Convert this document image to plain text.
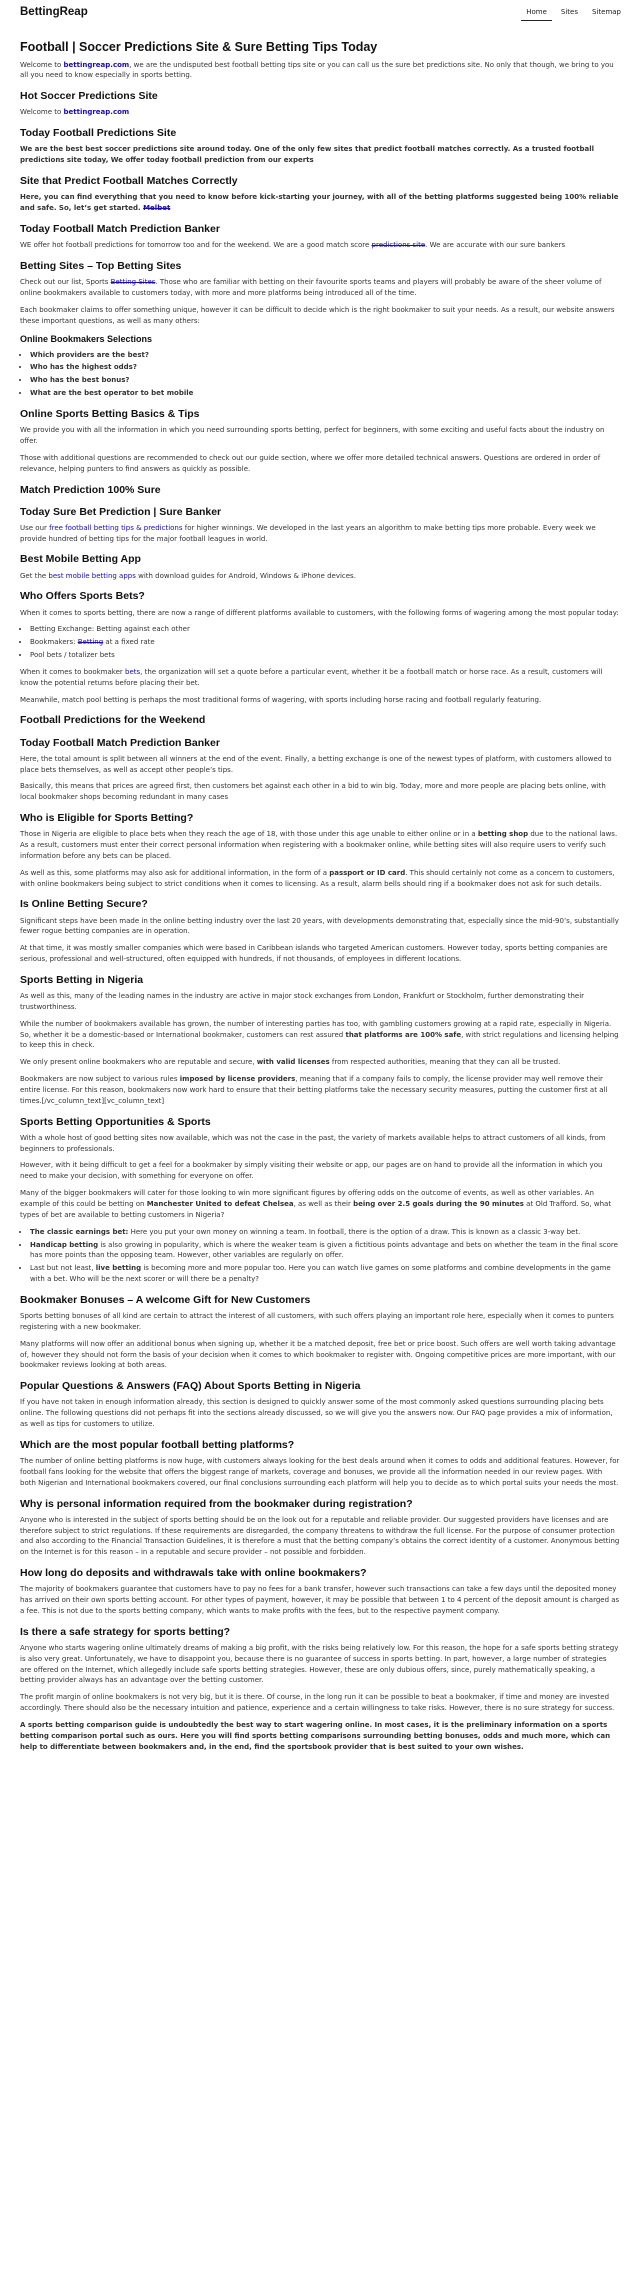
BettingReap	Home	Sites	Sitemap
Football | Soccer Predictions Site & Sure Betting Tips Today

Welcome to bettingreap.com, we are the undisputed best football betting tips site or you can call us the sure bet predictions site. No only that though, we bring to you all you need to know especially in sports betting.

Hot Soccer Predictions Site

Welcome to bettingreap.com

Today Football Predictions Site

We are the best best soccer predictions site around today. One of the only few sites that predict football matches correctly. As a trusted football predictions site today, We offer today football prediction from our experts

Site that Predict Football Matches Correctly

Here, you can find everything that you need to know before kick-starting your journey, with all of the betting platforms suggested being 100% reliable and safe. So, let’s get started. Melbet

Today Football Match Prediction Banker

WE offer hot football predictions for tomorrow too and for the weekend. We are a good match score predictions site. We are accurate with our sure bankers

Betting Sites – Top Betting Sites

Check out our list, Sports Betting Sites. Those who are familiar with betting on their favourite sports teams and players will probably be aware of the sheer volume of online bookmakers available to customers today, with more and more platforms being introduced all of the time.

Each bookmaker claims to offer something unique, however it can be difficult to decide which is the right bookmaker to suit your needs. As a result, our website answers these important questions, as well as many others:

Online Bookmakers Selections
• Which providers are the best?
• Who has the highest odds?
• Who has the best bonus?
• What are the best operator to bet mobile
Online Sports Betting Basics & Tips

We provide you with all the information in which you need surrounding sports betting, perfect for beginners, with some exciting and useful facts about the industry on offer.

Those with additional questions are recommended to check out our guide section, where we offer more detailed technical answers. Questions are ordered in order of relevance, helping punters to find answers as quickly as possible.

Match Prediction 100% Sure
Today Sure Bet Prediction | Sure Banker

Use our free football betting tips & predictions for higher winnings. We developed in the last years an algorithm to make betting tips more probable. Every week we provide hundred of betting tips for the major football leagues in world.

Best Mobile Betting App

Get the best mobile betting apps with download guides for Android, Windows & iPhone devices.

Who Offers Sports Bets?

When it comes to sports betting, there are now a range of different platforms available to customers, with the following forms of wagering among the most popular today:

• Betting Exchange: Betting against each other
• Bookmakers: Betting at a fixed rate
• Pool bets / totalizer bets

When it comes to bookmaker bets, the organization will set a quote before a particular event, whether it be a football match or horse race. As a result, customers will know the potential returns before placing their bet.

Meanwhile, match pool betting is perhaps the most traditional forms of wagering, with sports including horse racing and football regularly featuring.

Football Predictions for the Weekend
Today Football Match Prediction Banker

Here, the total amount is split between all winners at the end of the event. Finally, a betting exchange is one of the newest types of platform, with customers allowed to place bets themselves, as well as accept other people’s tips.

Basically, this means that prices are agreed first, then customers bet against each other in a bid to win big. Today, more and more people are placing bets online, with local bookmaker shops becoming redundant in many cases

Who is Eligible for Sports Betting?

Those in Nigeria are eligible to place bets when they reach the age of 18, with those under this age unable to either online or in a betting shop due to the national laws. As a result, customers must enter their correct personal information when registering with a bookmaker online, while betting sites will also require users to verify such information before any bets can be placed.

As well as this, some platforms may also ask for additional information, in the form of a passport or ID card. This should certainly not come as a concern to customers, with online bookmakers being subject to strict conditions when it comes to licensing. As a result, alarm bells should ring if a bookmaker does not ask for such details.

Is Online Betting Secure?

Significant steps have been made in the online betting industry over the last 20 years, with developments demonstrating that, especially since the mid-90’s, substantially fewer rogue betting companies are in operation.

At that time, it was mostly smaller companies which were based in Caribbean islands who targeted American customers. However today, sports betting companies are serious, professional and well-structured, often equipped with hundreds, if not thousands, of employees in different locations.

Sports Betting in Nigeria

As well as this, many of the leading names in the industry are active in major stock exchanges from London, Frankfurt or Stockholm, further demonstrating their trustworthiness.

While the number of bookmakers available has grown, the number of interesting parties has too, with gambling customers growing at a rapid rate, especially in Nigeria. So, whether it be a domestic-based or International bookmaker, customers can rest assured that platforms are 100% safe, with strict regulations and licensing helping to keep this in check.

We only present online bookmakers who are reputable and secure, with valid licenses from respected authorities, meaning that they can all be trusted.

Bookmakers are now subject to various rules imposed by license providers, meaning that if a company fails to comply, the license provider may well remove their entire license. For this reason, bookmakers now work hard to ensure that their betting platforms take the necessary security measures, putting the customer first at all times.[/vc_column_text][vc_column_text]

Sports Betting Opportunities & Sports

With a whole host of good betting sites now available, which was not the case in the past, the variety of markets available helps to attract customers of all kinds, from beginners to professionals.

However, with it being difficult to get a feel for a bookmaker by simply visiting their website or app, our pages are on hand to provide all the information in which you need to make your decision, with something for everyone on offer.

Many of the bigger bookmakers will cater for those looking to win more significant figures by offering odds on the outcome of events, as well as other variables. An example of this could be betting on Manchester United to defeat Chelsea, as well as their being over 2.5 goals during the 90 minutes at Old Trafford. So, what types of bet are available to betting customers in Nigeria?

• The classic earnings bet: Here you put your own money on winning a team. In football, there is the option of a draw. This is known as a classic 3-way bet.
• Handicap betting is also growing in popularity, which is where the weaker team is given a fictitious points advantage and bets on whether the team in the final score has more points than the opposing team. However, other variables are regularly on offer.
• Last but not least, live betting is becoming more and more popular too. Here you can watch live games on some platforms and combine developments in the game with a bet. Who will be the next scorer or will there be a penalty?
Bookmaker Bonuses – A welcome Gift for New Customers

Sports betting bonuses of all kind are certain to attract the interest of all customers, with such offers playing an important role here, especially when it comes to punters registering with a new bookmaker.

Many platforms will now offer an additional bonus when signing up, whether it be a matched deposit, free bet or price boost. Such offers are well worth taking advantage of, however they should not form the basis of your decision when it comes to which bookmaker to register with. Ongoing competitive prices are more important, with our bookmaker reviews looking at both areas.

Popular Questions & Answers (FAQ) About Sports Betting in Nigeria

If you have not taken in enough information already, this section is designed to quickly answer some of the most commonly asked questions surrounding placing bets online. The following questions did not perhaps fit into the sections already discussed, so we will give you the answers now. Our FAQ page provides a mix of information, as well as tips for customers to utilize.

Which are the most popular football betting platforms?

The number of online betting platforms is now huge, with customers always looking for the best deals around when it comes to odds and additional features. However, for football fans looking for the website that offers the biggest range of markets, coverage and bonuses, we provide all the information needed in our review pages. With both Nigerian and International bookmakers covered, our final conclusions surrounding each platform will help you to decide as to which portal suits your needs the most.

Why is personal information required from the bookmaker during registration?

Anyone who is interested in the subject of sports betting should be on the look out for a reputable and reliable provider. Our suggested providers have licenses and are therefore subject to strict regulations. If these requirements are disregarded, the company threatens to withdraw the full license. For the purpose of consumer protection and also according to the Financial Transaction Guidelines, it is therefore a must that the betting company’s obtains the correct identity of a customer. Anonymous betting on the Internet is for this reason – in a reputable and secure provider – not possible and forbidden.

How long do deposits and withdrawals take with online bookmakers?

The majority of bookmakers guarantee that customers have to pay no fees for a bank transfer, however such transactions can take a few days until the deposited money has arrived on their own sports betting account. For other types of payment, however, it may be possible that between 1 to 4 percent of the deposit amount is charged as a fee. This is not due to the sports betting company, which wants to make profits with the fees, but to the respective payment company.

Is there a safe strategy for sports betting?

Anyone who starts wagering online ultimately dreams of making a big profit, with the risks being relatively low. For this reason, the hope for a safe sports betting strategy is also very great. Unfortunately, we have to disappoint you, because there is no guarantee of success in sports betting. In part, however, a large number of strategies are offered on the Internet, which allegedly include safe sports betting strategies. However, these are only dubious offers, since, purely mathematically speaking, a betting provider always has an advantage over the betting customer.

The profit margin of online bookmakers is not very big, but it is there. Of course, in the long run it can be possible to beat a bookmaker, if time and money are invested accordingly. There should also be the necessary intuition and patience, experience and a certain willingness to take risks. However, there is no sure strategy for success.

A sports betting comparison guide is undoubtedly the best way to start wagering online. In most cases, it is the preliminary information on a sports betting comparison portal such as ours. Here you will find sports betting comparisons surrounding betting bonuses, odds and much more, which can help to differentiate between bookmakers and, in the end, find the sportsbook provider that is best suited to your own wishes.
